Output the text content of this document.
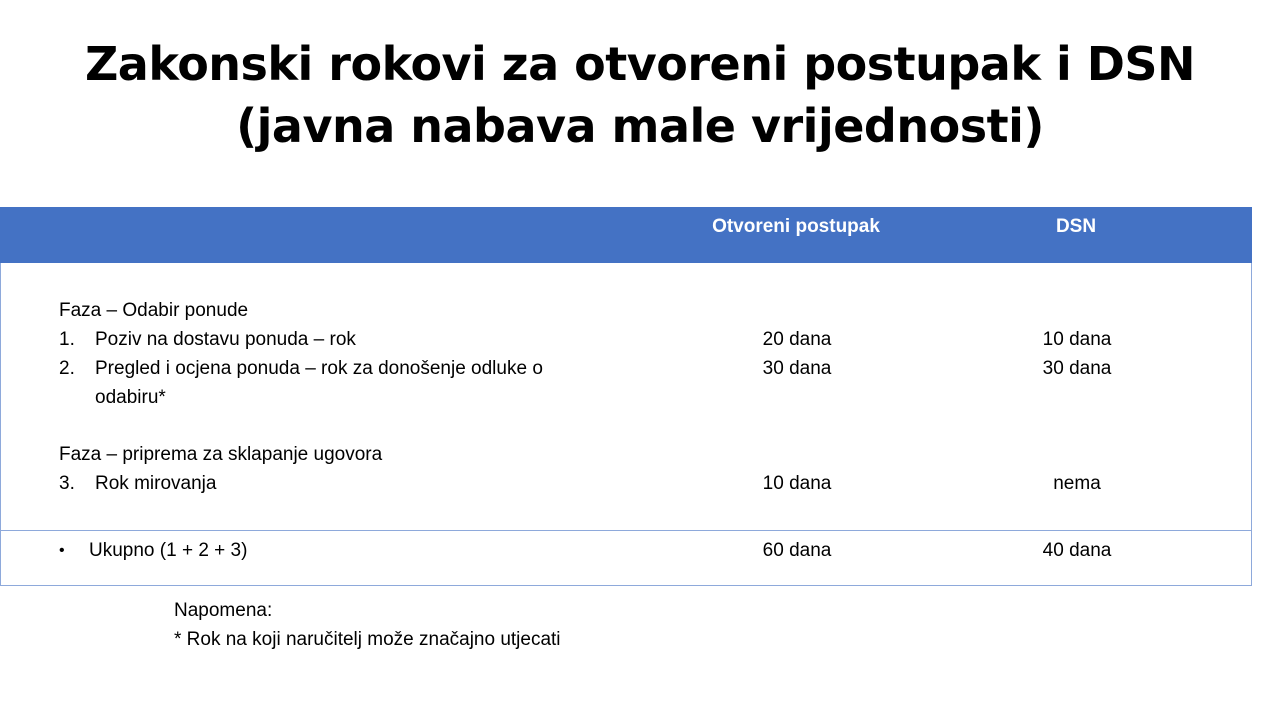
Zakonski rokovi za otvoreni postupak i DSN
(javna nabava male vrijednosti)
Otvoreni postupak	DSN
Faza – Odabir ponude
1.	Poziv na dostavu ponuda – rok	20 dana	10 dana
2.	Pregled i ocjena ponuda – rok za donošenje odluke o
odabiru*
30 dana	30 dana
Faza – priprema za sklapanje ugovora
3.	Rok mirovanja	10 dana	nema
• Ukupno (1 + 2 + 3)	60 dana	40 dana
Napomena:
* Rok na koji naručitelj može značajno utjecati
